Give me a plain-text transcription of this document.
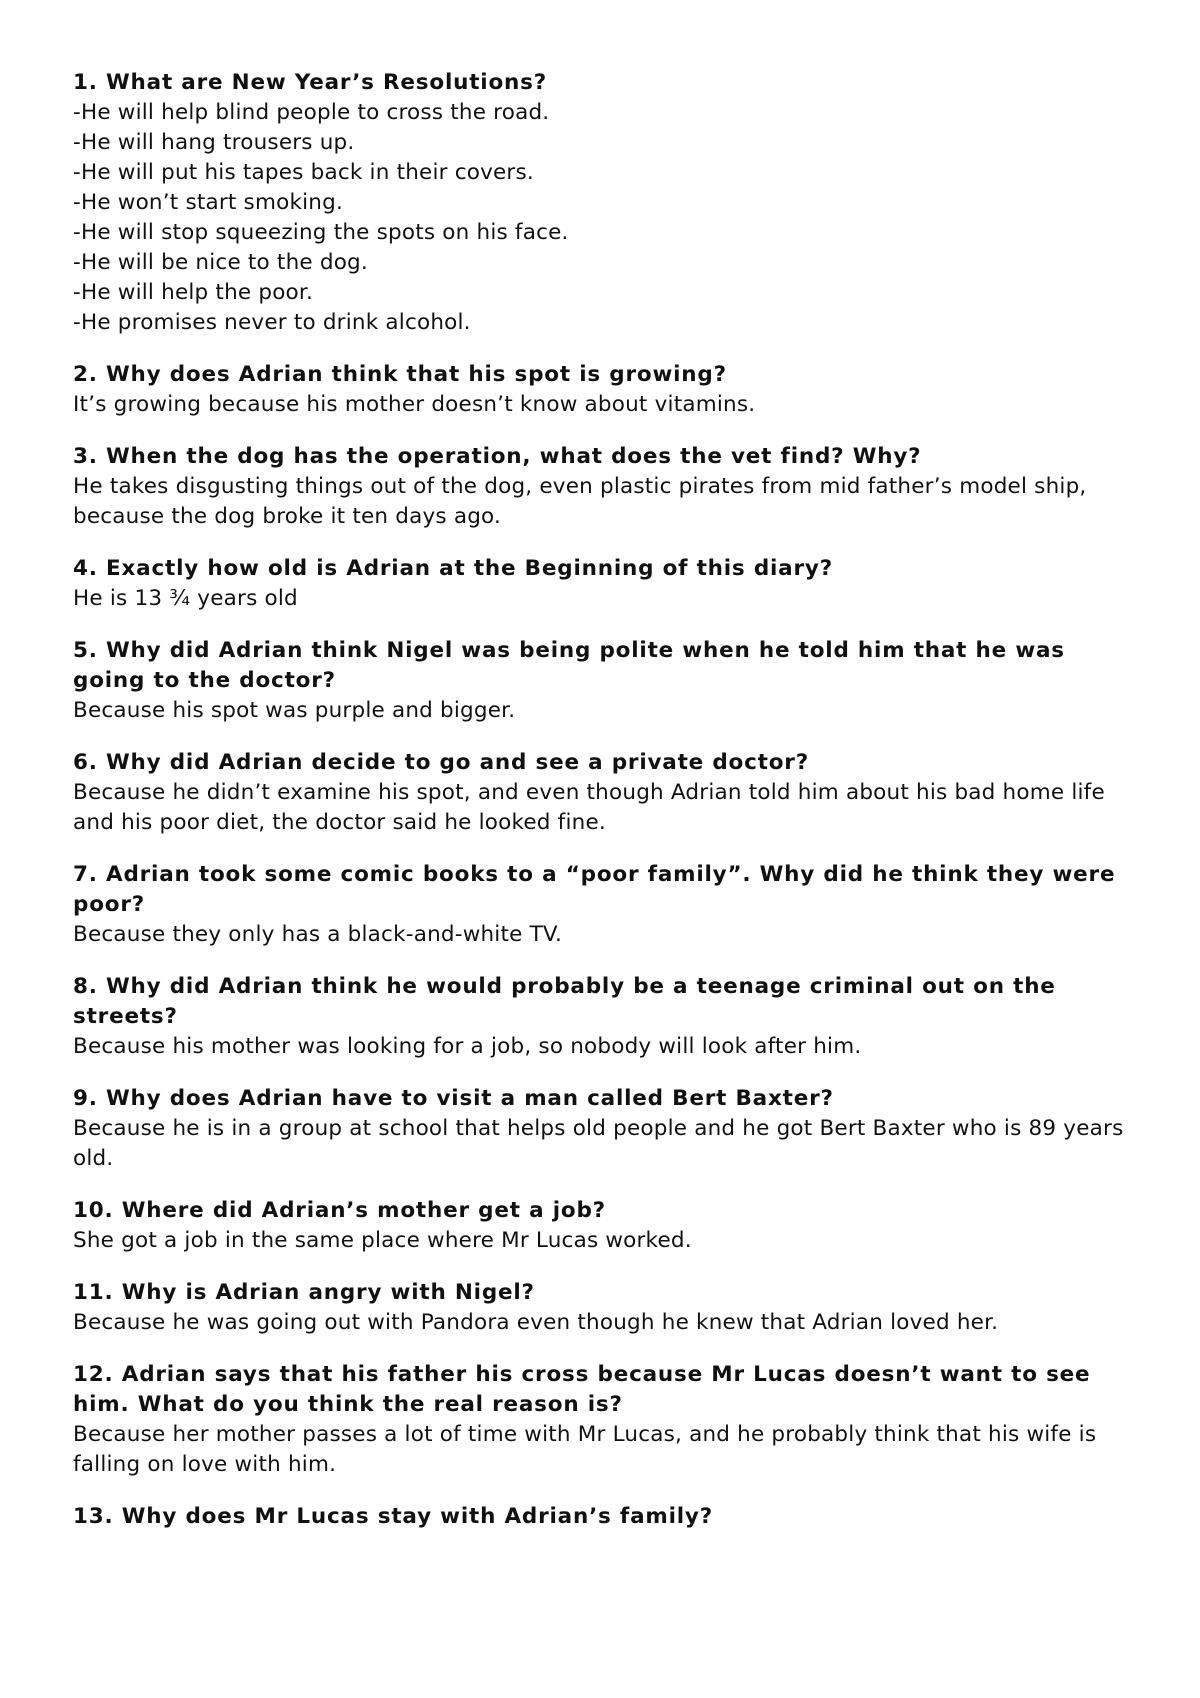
1. What are New Year’s Resolutions?

-He will help blind people to cross the road.

-He will hang trousers up.

-He will put his tapes back in their covers.

-He won’t start smoking.

-He will stop squeezing the spots on his face.

-He will be nice to the dog.

-He will help the poor.

-He promises never to drink alcohol.

2. Why does Adrian think that his spot is growing?

It’s growing because his mother doesn’t know about vitamins.

3. When the dog has the operation, what does the vet find? Why?

He takes disgusting things out of the dog, even plastic pirates from mid father’s model ship, because the dog broke it ten days ago.

4. Exactly how old is Adrian at the Beginning of this diary?

He is 13 ¾ years old

5. Why did Adrian think Nigel was being polite when he told him that he was going to the doctor?

Because his spot was purple and bigger.

6. Why did Adrian decide to go and see a private doctor?

Because he didn’t examine his spot, and even though Adrian told him about his bad home life and his poor diet, the doctor said he looked fine.

7. Adrian took some comic books to a “poor family”. Why did he think they were poor?

Because they only has a black-and-white TV.

8. Why did Adrian think he would probably be a teenage criminal out on the streets?

Because his mother was looking for a job, so nobody will look after him.

9. Why does Adrian have to visit a man called Bert Baxter?

Because he is in a group at school that helps old people and he got Bert Baxter who is 89 years old.

10. Where did Adrian’s mother get a job?

She got a job in the same place where Mr Lucas worked.

11. Why is Adrian angry with Nigel?

Because he was going out with Pandora even though he knew that Adrian loved her.

12. Adrian says that his father his cross because Mr Lucas doesn’t want to see him. What do you think the real reason is?

Because her mother passes a lot of time with Mr Lucas, and he probably think that his wife is falling on love with him.

13. Why does Mr Lucas stay with Adrian’s family?
